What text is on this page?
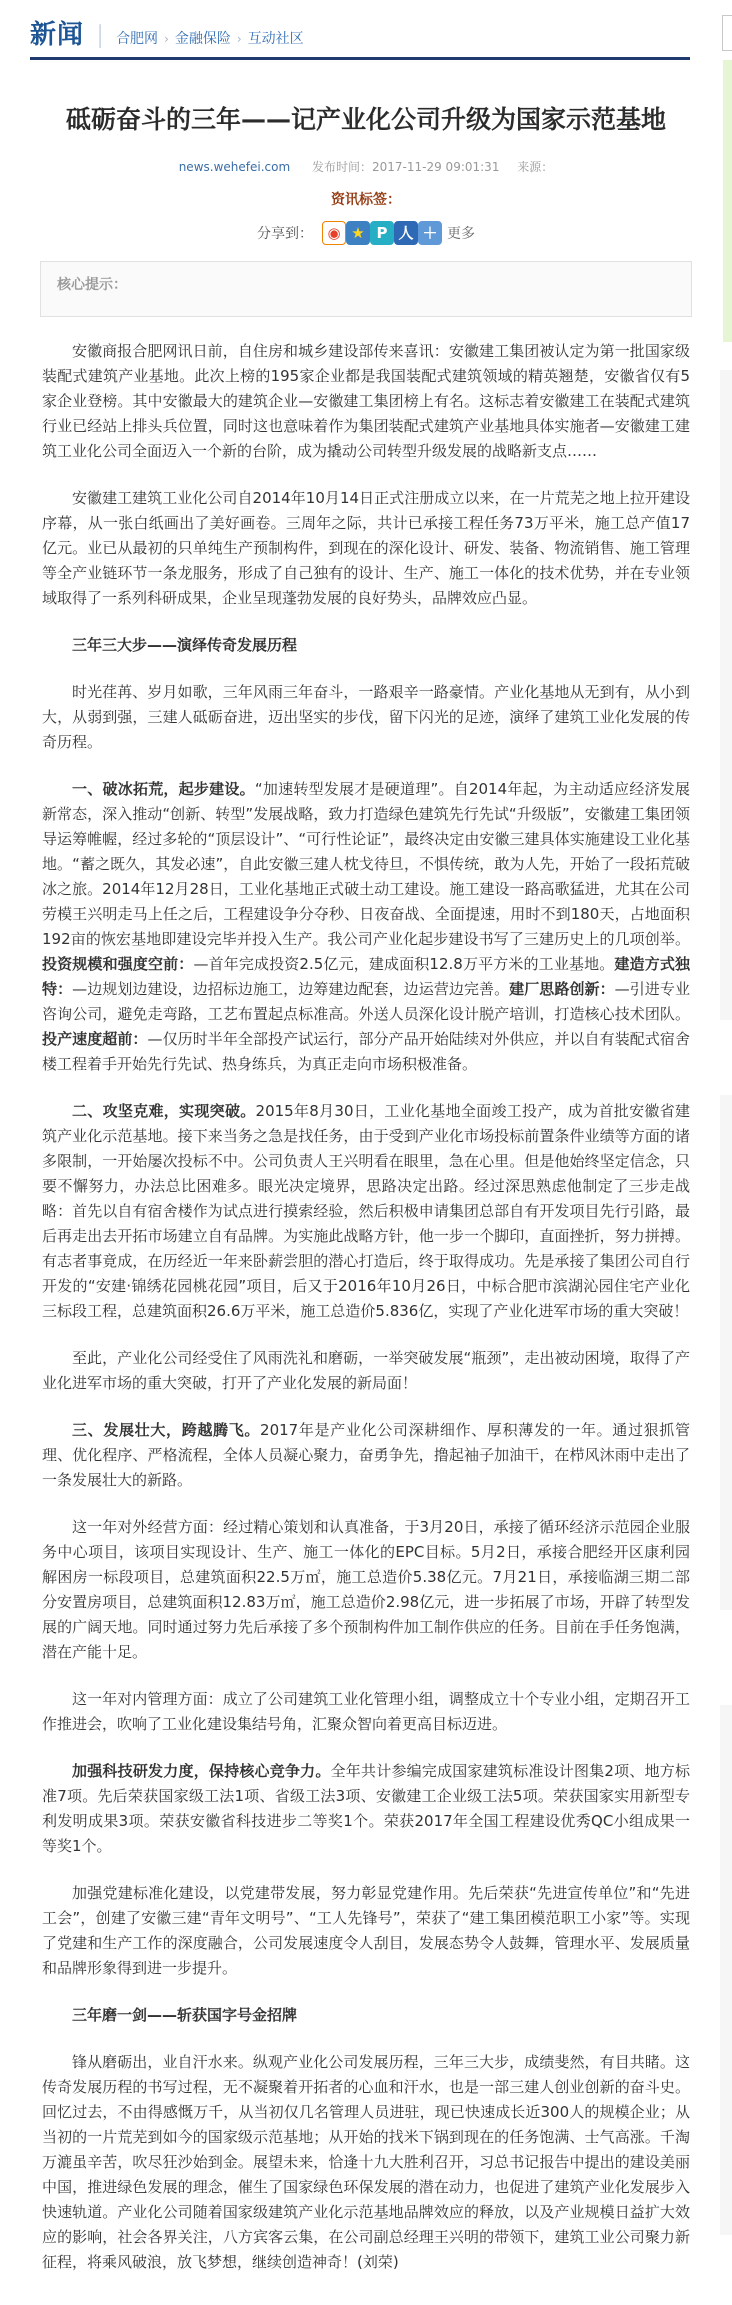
新闻 │ 合肥网 › 金融保险 › 互动社区
砥砺奋斗的三年——记产业化公司升级为国家示范基地
news.wehefei.com 发布时间：2017-11-29 09:01:31 来源：
资讯标签：
分享到： ◉ ★ P 人 ＋ 更多
核心提示：

安徽商报合肥网讯日前，自住房和城乡建设部传来喜讯：安徽建工集团被认定为第一批国家级装配式建筑产业基地。此次上榜的195家企业都是我国装配式建筑领域的精英翘楚，安徽省仅有5家企业登榜。其中安徽最大的建筑企业—安徽建工集团榜上有名。这标志着安徽建工在装配式建筑行业已经站上排头兵位置，同时这也意味着作为集团装配式建筑产业基地具体实施者—安徽建工建筑工业化公司全面迈入一个新的台阶，成为撬动公司转型升级发展的战略新支点……

安徽建工建筑工业化公司自2014年10月14日正式注册成立以来，在一片荒芜之地上拉开建设序幕，从一张白纸画出了美好画卷。三周年之际，共计已承接工程任务73万平米，施工总产值17亿元。业已从最初的只单纯生产预制构件，到现在的深化设计、研发、装备、物流销售、施工管理等全产业链环节一条龙服务，形成了自己独有的设计、生产、施工一体化的技术优势，并在专业领域取得了一系列科研成果，企业呈现蓬勃发展的良好势头，品牌效应凸显。

三年三大步——演绎传奇发展历程

时光荏苒、岁月如歌，三年风雨三年奋斗，一路艰辛一路豪情。产业化基地从无到有，从小到大，从弱到强，三建人砥砺奋进，迈出坚实的步伐，留下闪光的足迹，演绎了建筑工业化发展的传奇历程。

一、破冰拓荒，起步建设。“加速转型发展才是硬道理”。自2014年起，为主动适应经济发展新常态，深入推动“创新、转型”发展战略，致力打造绿色建筑先行先试“升级版”，安徽建工集团领导运筹帷幄，经过多轮的“顶层设计”、“可行性论证”，最终决定由安徽三建具体实施建设工业化基地。“蓄之既久，其发必速”，自此安徽三建人枕戈待旦，不惧传统，敢为人先，开始了一段拓荒破冰之旅。2014年12月28日，工业化基地正式破土动工建设。施工建设一路高歌猛进，尤其在公司劳模王兴明走马上任之后，工程建设争分夺秒、日夜奋战、全面提速，用时不到180天，占地面积192亩的恢宏基地即建设完毕并投入生产。我公司产业化起步建设书写了三建历史上的几项创举。投资规模和强度空前：—首年完成投资2.5亿元，建成面积12.8万平方米的工业基地。建造方式独特：—边规划边建设，边招标边施工，边筹建边配套，边运营边完善。建厂思路创新：—引进专业咨询公司，避免走弯路，工艺布置起点标准高。外送人员深化设计脱产培训，打造核心技术团队。投产速度超前：—仅历时半年全部投产试运行，部分产品开始陆续对外供应，并以自有装配式宿舍楼工程着手开始先行先试、热身练兵，为真正走向市场积极准备。

二、攻坚克难，实现突破。2015年8月30日，工业化基地全面竣工投产，成为首批安徽省建筑产业化示范基地。接下来当务之急是找任务，由于受到产业化市场投标前置条件业绩等方面的诸多限制，一开始屡次投标不中。公司负责人王兴明看在眼里，急在心里。但是他始终坚定信念，只要不懈努力，办法总比困难多。眼光决定境界，思路决定出路。经过深思熟虑他制定了三步走战略：首先以自有宿舍楼作为试点进行摸索经验，然后积极申请集团总部自有开发项目先行引路，最后再走出去开拓市场建立自有品牌。为实施此战略方针，他一步一个脚印，直面挫折，努力拼搏。有志者事竟成，在历经近一年来卧薪尝胆的潜心打造后，终于取得成功。先是承接了集团公司自行开发的“安建·锦绣花园桃花园”项目，后又于2016年10月26日，中标合肥市滨湖沁园住宅产业化三标段工程，总建筑面积26.6万平米，施工总造价5.836亿，实现了产业化进军市场的重大突破！

至此，产业化公司经受住了风雨洗礼和磨砺，一举突破发展“瓶颈”，走出被动困境，取得了产业化进军市场的重大突破，打开了产业化发展的新局面！

三、发展壮大，跨越腾飞。2017年是产业化公司深耕细作、厚积薄发的一年。通过狠抓管理、优化程序、严格流程，全体人员凝心聚力，奋勇争先，撸起袖子加油干，在栉风沐雨中走出了一条发展壮大的新路。

这一年对外经营方面：经过精心策划和认真准备，于3月20日，承接了循环经济示范园企业服务中心项目，该项目实现设计、生产、施工一体化的EPC目标。5月2日，承接合肥经开区康利园解困房一标段项目，总建筑面积22.5万㎡，施工总造价5.38亿元。7月21日，承接临湖三期二部分安置房项目，总建筑面积12.83万㎡，施工总造价2.98亿元，进一步拓展了市场，开辟了转型发展的广阔天地。同时通过努力先后承接了多个预制构件加工制作供应的任务。目前在手任务饱满，潜在产能十足。

这一年对内管理方面：成立了公司建筑工业化管理小组，调整成立十个专业小组，定期召开工作推进会，吹响了工业化建设集结号角，汇聚众智向着更高目标迈进。

加强科技研发力度，保持核心竞争力。全年共计参编完成国家建筑标准设计图集2项、地方标准7项。先后荣获国家级工法1项、省级工法3项、安徽建工企业级工法5项。荣获国家实用新型专利发明成果3项。荣获安徽省科技进步二等奖1个。荣获2017年全国工程建设优秀QC小组成果一等奖1个。

加强党建标准化建设，以党建带发展，努力彰显党建作用。先后荣获“先进宣传单位”和“先进工会”，创建了安徽三建“青年文明号”、“工人先锋号”，荣获了“建工集团模范职工小家”等。实现了党建和生产工作的深度融合，公司发展速度令人刮目，发展态势令人鼓舞，管理水平、发展质量和品牌形象得到进一步提升。

三年磨一剑——斩获国字号金招牌

锋从磨砺出，业自汗水来。纵观产业化公司发展历程，三年三大步，成绩斐然，有目共睹。这传奇发展历程的书写过程，无不凝聚着开拓者的心血和汗水，也是一部三建人创业创新的奋斗史。回忆过去，不由得感慨万千，从当初仅几名管理人员进驻，现已快速成长近300人的规模企业；从当初的一片荒芜到如今的国家级示范基地；从开始的找米下锅到现在的任务饱满、士气高涨。千淘万漉虽辛苦，吹尽狂沙始到金。展望未来，恰逢十九大胜利召开，习总书记报告中提出的建设美丽中国，推进绿色发展的理念，催生了国家绿色环保发展的潜在动力，也促进了建筑产业化发展步入快速轨道。产业化公司随着国家级建筑产业化示范基地品牌效应的释放，以及产业规模日益扩大效应的影响，社会各界关注，八方宾客云集，在公司副总经理王兴明的带领下，建筑工业公司聚力新征程，将乘风破浪，放飞梦想，继续创造神奇！(刘荣)
